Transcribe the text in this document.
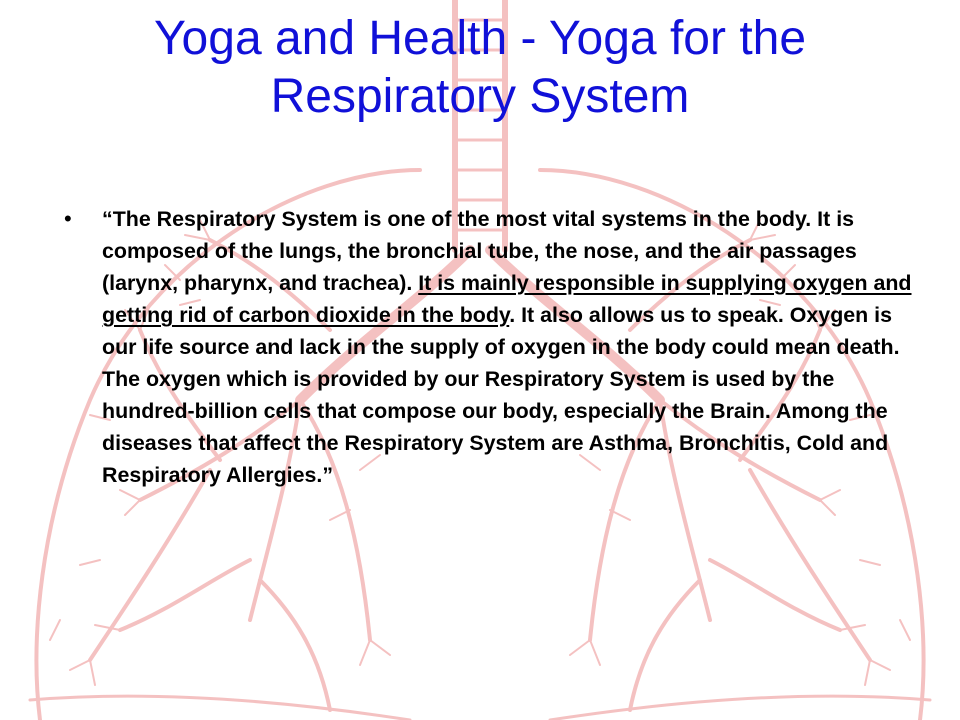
Yoga and Health - Yoga for the Respiratory System
•	“The Respiratory System is one of the most vital systems in the body. It is composed of the lungs, the bronchial tube, the nose, and the air passages (larynx, pharynx, and trachea). It is mainly responsible in supplying oxygen and getting rid of carbon dioxide in the body. It also allows us to speak. Oxygen is our life source and lack in the supply of oxygen in the body could mean death. The oxygen which is provided by our Respiratory System is used by the hundred-billion cells that compose our body, especially the Brain. Among the diseases that affect the Respiratory System are Asthma, Bronchitis, Cold and Respiratory Allergies.”
